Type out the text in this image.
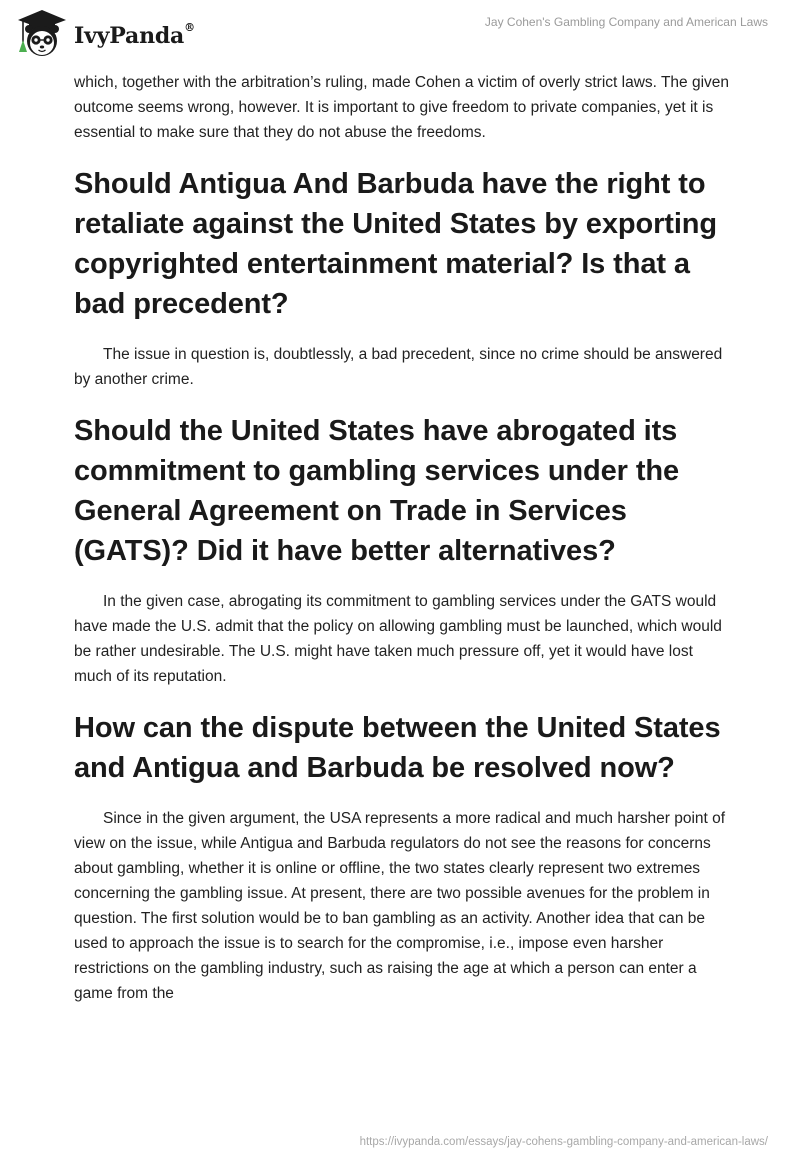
IvyPanda®	Jay Cohen's Gambling Company and American Laws

which, together with the arbitration’s ruling, made Cohen a victim of overly strict laws. The given outcome seems wrong, however. It is important to give freedom to private companies, yet it is essential to make sure that they do not abuse the freedoms.

Should Antigua And Barbuda have the right to retaliate against the United States by exporting copyrighted entertainment material? Is that a bad precedent?

The issue in question is, doubtlessly, a bad precedent, since no crime should be answered by another crime.

Should the United States have abrogated its commitment to gambling services under the General Agreement on Trade in Services (GATS)? Did it have better alternatives?

In the given case, abrogating its commitment to gambling services under the GATS would have made the U.S. admit that the policy on allowing gambling must be launched, which would be rather undesirable. The U.S. might have taken much pressure off, yet it would have lost much of its reputation.

How can the dispute between the United States and Antigua and Barbuda be resolved now?

Since in the given argument, the USA represents a more radical and much harsher point of view on the issue, while Antigua and Barbuda regulators do not see the reasons for concerns about gambling, whether it is online or offline, the two states clearly represent two extremes concerning the gambling issue. At present, there are two possible avenues for the problem in question. The first solution would be to ban gambling as an activity. Another idea that can be used to approach the issue is to search for the compromise, i.e., impose even harsher restrictions on the gambling industry, such as raising the age at which a person can enter a game from the

https://ivypanda.com/essays/jay-cohens-gambling-company-and-american-laws/
